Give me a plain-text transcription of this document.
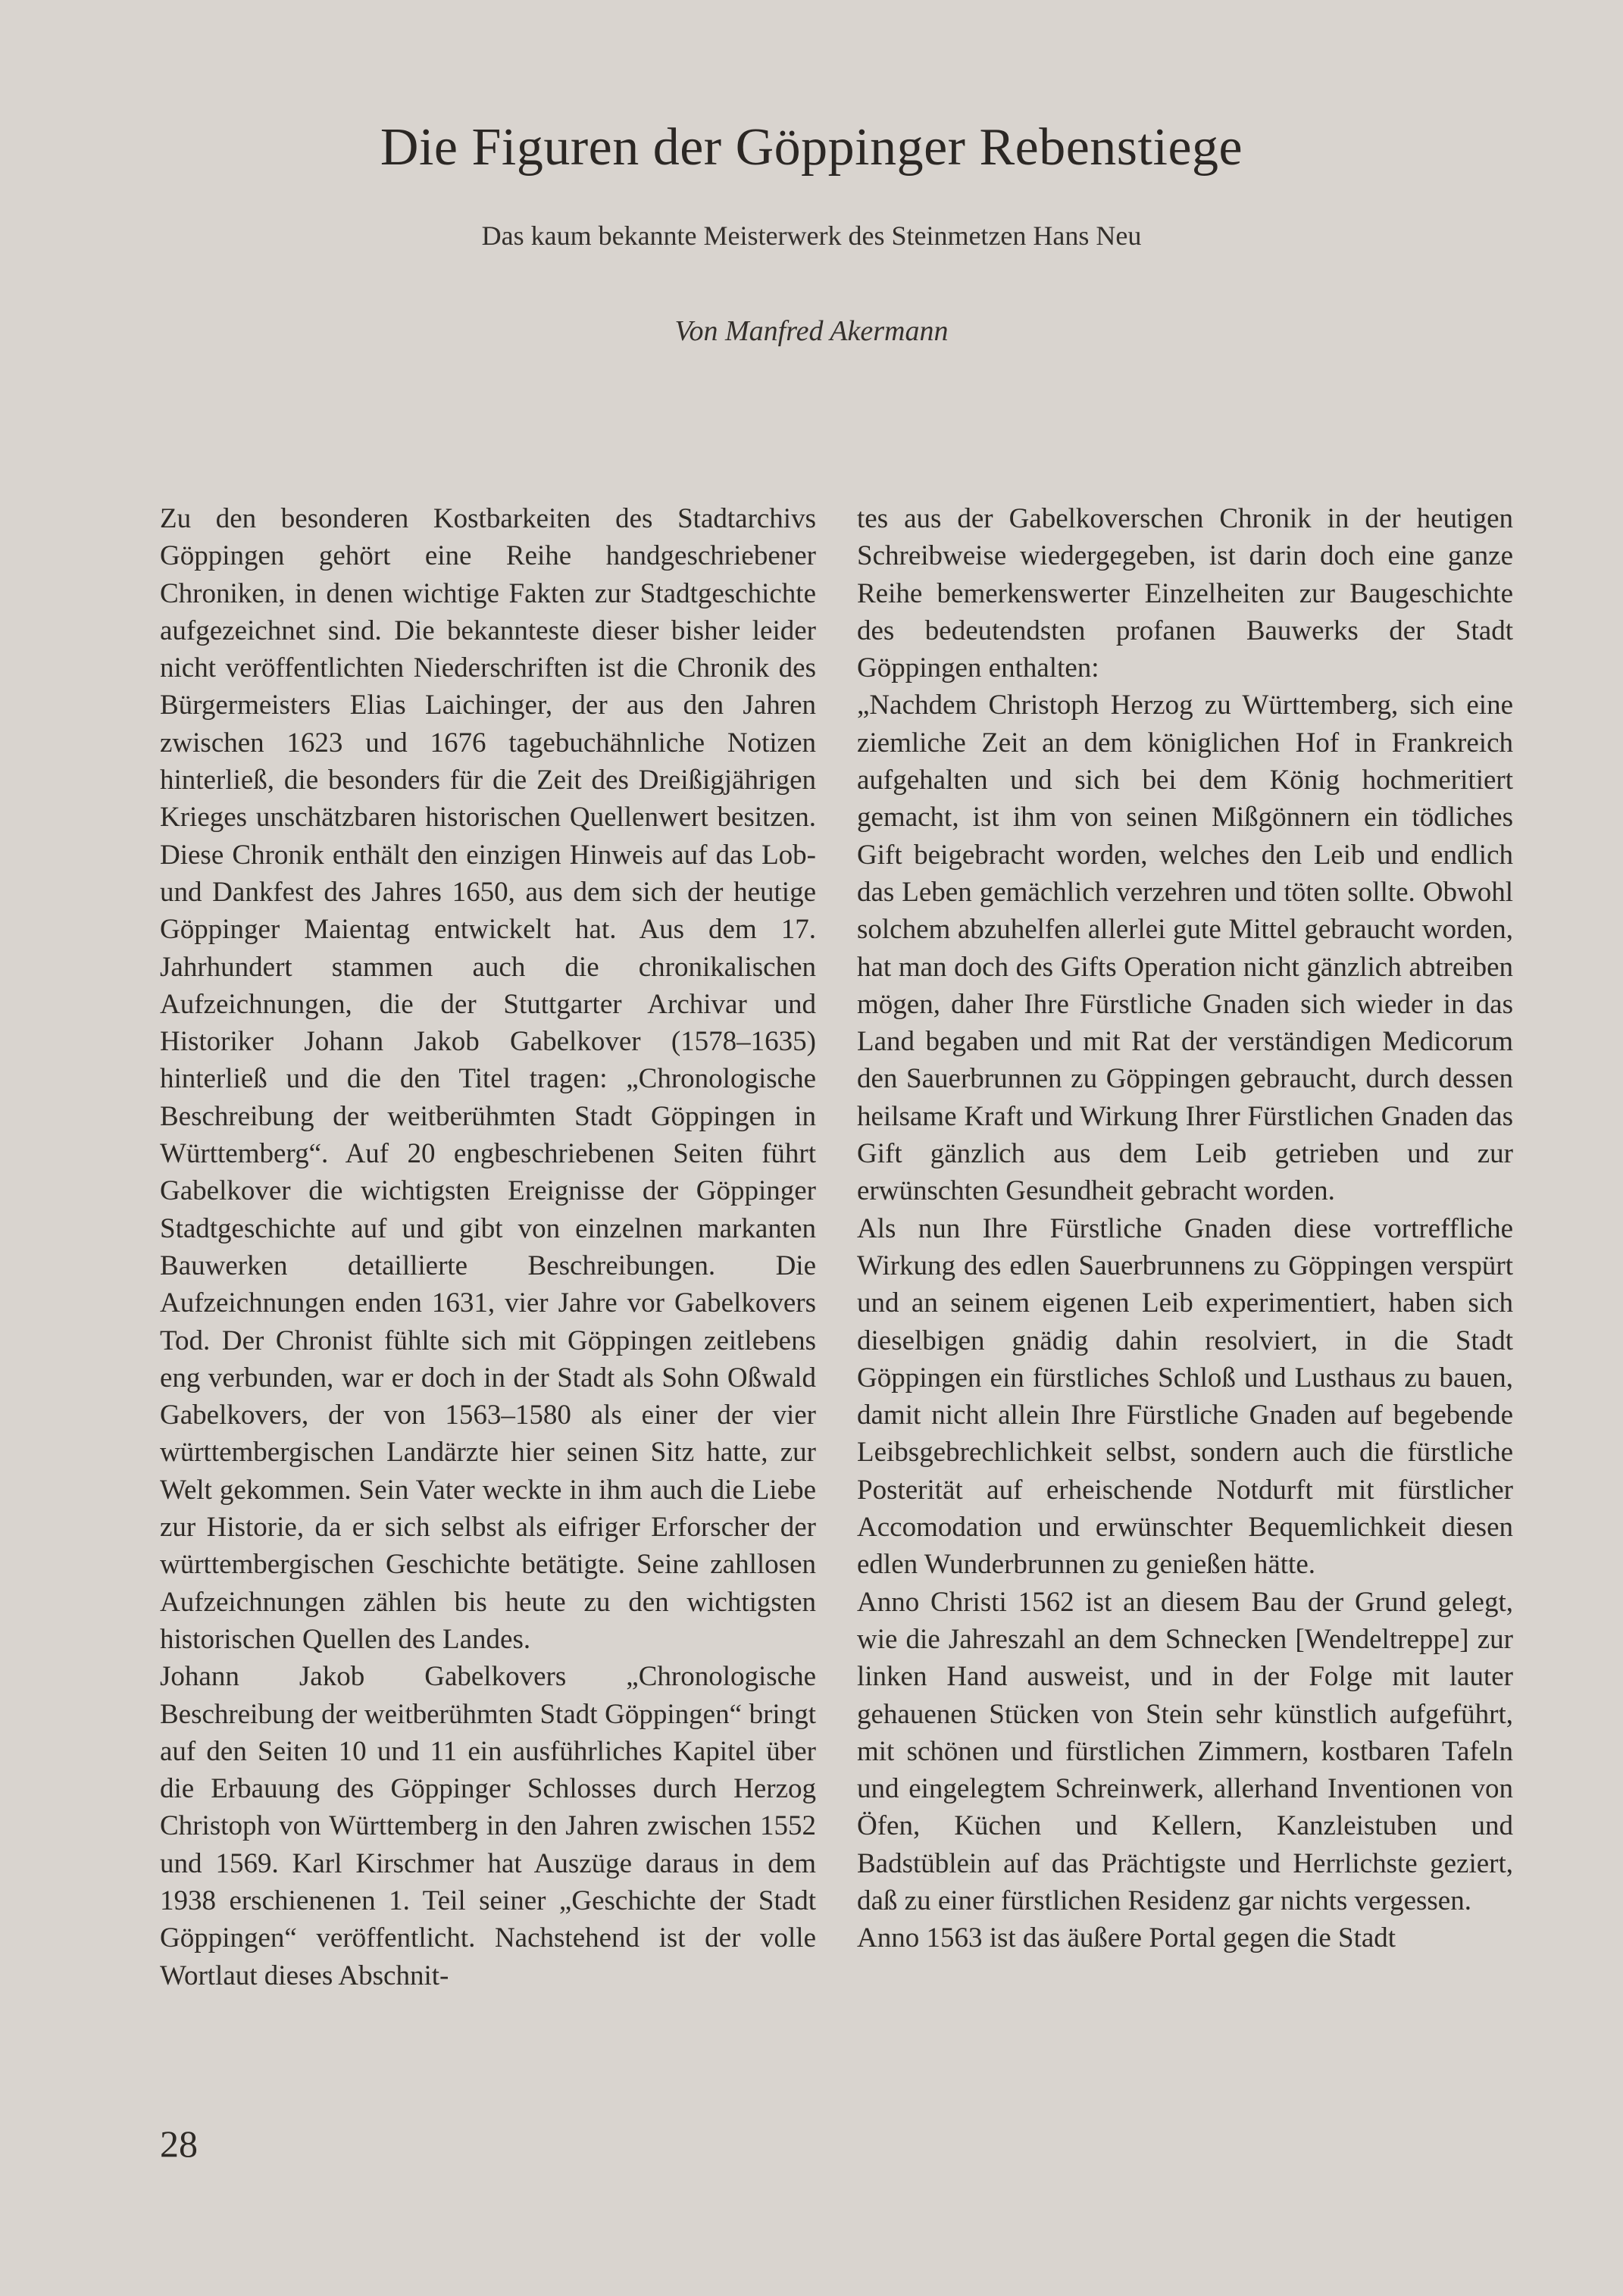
Die Figuren der Göppinger Rebenstiege
Das kaum bekannte Meisterwerk des Steinmetzen Hans Neu
Von Manfred Akermann

Zu den besonderen Kostbarkeiten des Stadtarchivs Göppingen gehört eine Reihe handgeschriebener Chroniken, in denen wichtige Fakten zur Stadtgeschichte aufgezeichnet sind. Die bekannteste dieser bisher leider nicht veröffentlichten Niederschriften ist die Chronik des Bürgermeisters Elias Laichinger, der aus den Jahren zwischen 1623 und 1676 tagebuchähnliche Notizen hinterließ, die besonders für die Zeit des Dreißigjährigen Krieges unschätzbaren historischen Quellenwert besitzen. Diese Chronik enthält den einzigen Hinweis auf das Lob- und Dankfest des Jahres 1650, aus dem sich der heutige Göppinger Maientag entwickelt hat. Aus dem 17. Jahrhundert stammen auch die chronikalischen Aufzeichnungen, die der Stuttgarter Archivar und Historiker Johann Jakob Gabelkover (1578–1635) hinterließ und die den Titel tragen: „Chronologische Beschreibung der weitberühmten Stadt Göppingen in Württemberg“. Auf 20 engbeschriebenen Seiten führt Gabelkover die wichtigsten Ereignisse der Göppinger Stadtgeschichte auf und gibt von einzelnen markanten Bauwerken detaillierte Beschreibungen. Die Aufzeichnungen enden 1631, vier Jahre vor Gabelkovers Tod. Der Chronist fühlte sich mit Göppingen zeitlebens eng verbunden, war er doch in der Stadt als Sohn Oßwald Gabelkovers, der von 1563–1580 als einer der vier württembergischen Landärzte hier seinen Sitz hatte, zur Welt gekommen. Sein Vater weckte in ihm auch die Liebe zur Historie, da er sich selbst als eifriger Erforscher der württembergischen Geschichte betätigte. Seine zahllosen Aufzeichnungen zählen bis heute zu den wichtigsten historischen Quellen des Landes.

Johann Jakob Gabelkovers „Chronologische Beschreibung der weitberühmten Stadt Göppingen“ bringt auf den Seiten 10 und 11 ein ausführliches Kapitel über die Erbauung des Göppinger Schlosses durch Herzog Christoph von Württemberg in den Jahren zwischen 1552 und 1569. Karl Kirschmer hat Auszüge daraus in dem 1938 erschienenen 1. Teil seiner „Geschichte der Stadt Göppingen“ veröffentlicht. Nachstehend ist der volle Wortlaut dieses Abschnit-

tes aus der Gabelkoverschen Chronik in der heutigen Schreibweise wiedergegeben, ist darin doch eine ganze Reihe bemerkenswerter Einzelheiten zur Baugeschichte des bedeutendsten profanen Bauwerks der Stadt Göppingen enthalten:

„Nachdem Christoph Herzog zu Württemberg, sich eine ziemliche Zeit an dem königlichen Hof in Frankreich aufgehalten und sich bei dem König hochmeritiert gemacht, ist ihm von seinen Mißgönnern ein tödliches Gift beigebracht worden, welches den Leib und endlich das Leben gemächlich verzehren und töten sollte. Obwohl solchem abzuhelfen allerlei gute Mittel gebraucht worden, hat man doch des Gifts Operation nicht gänzlich abtreiben mögen, daher Ihre Fürstliche Gnaden sich wieder in das Land begaben und mit Rat der verständigen Medicorum den Sauerbrunnen zu Göppingen gebraucht, durch dessen heilsame Kraft und Wirkung Ihrer Fürstlichen Gnaden das Gift gänzlich aus dem Leib getrieben und zur erwünschten Gesundheit gebracht worden.

Als nun Ihre Fürstliche Gnaden diese vortreffliche Wirkung des edlen Sauerbrunnens zu Göppingen verspürt und an seinem eigenen Leib experimentiert, haben sich dieselbigen gnädig dahin resolviert, in die Stadt Göppingen ein fürstliches Schloß und Lusthaus zu bauen, damit nicht allein Ihre Fürstliche Gnaden auf begebende Leibsgebrechlichkeit selbst, sondern auch die fürstliche Posterität auf erheischende Notdurft mit fürstlicher Accomodation und erwünschter Bequemlichkeit diesen edlen Wunderbrunnen zu genießen hätte.

Anno Christi 1562 ist an diesem Bau der Grund gelegt, wie die Jahreszahl an dem Schnecken [Wendeltreppe] zur linken Hand ausweist, und in der Folge mit lauter gehauenen Stücken von Stein sehr künstlich aufgeführt, mit schönen und fürstlichen Zimmern, kostbaren Tafeln und eingelegtem Schreinwerk, allerhand Inventionen von Öfen, Küchen und Kellern, Kanzleistuben und Badstüblein auf das Prächtigste und Herrlichste geziert, daß zu einer fürstlichen Residenz gar nichts vergessen.

Anno 1563 ist das äußere Portal gegen die Stadt

28
